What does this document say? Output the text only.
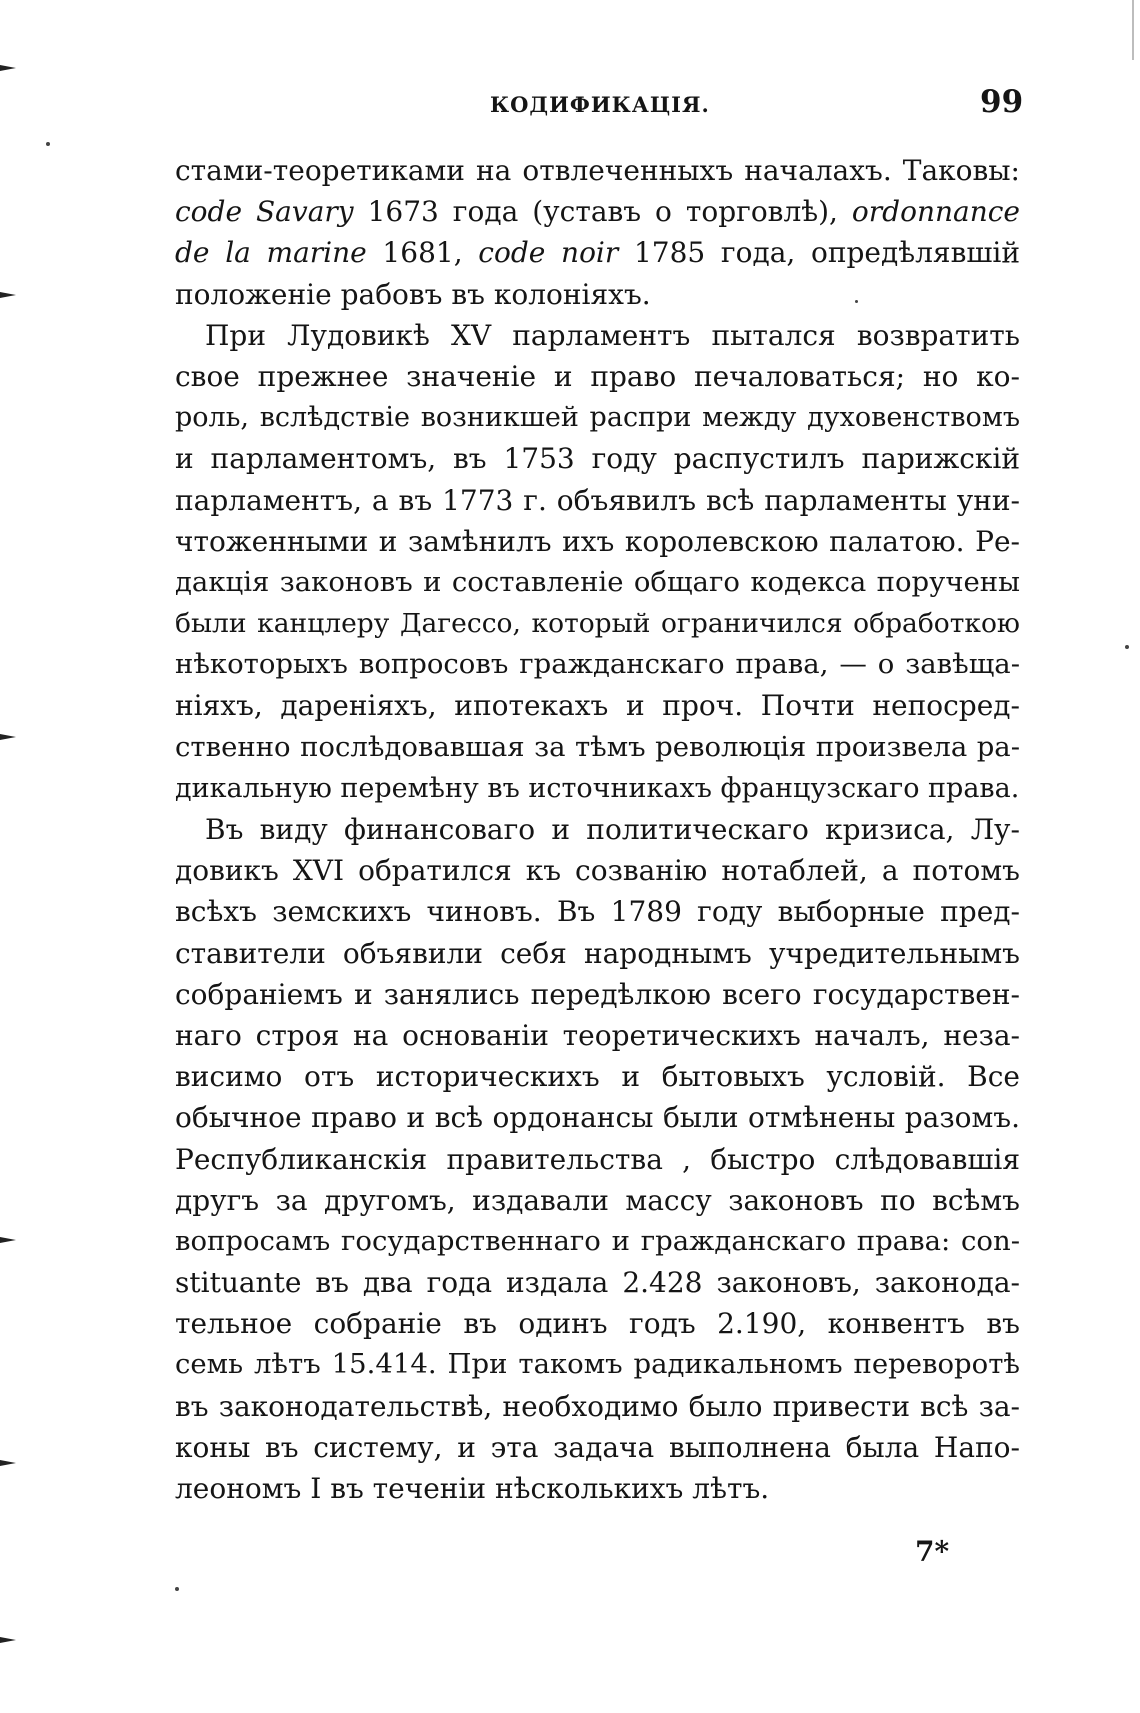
КОДИФИКАЦІЯ.	99
стами-теоретиками на отвлеченныхъ началахъ. Таковы:
code Savary 1673 года (уставъ о торговлѣ), ordonnance
de la marine 1681, code noir 1785 года, опредѣлявшій
положеніе рабовъ въ колоніяхъ.
При Лудовикѣ XV парламентъ пытался возвратить
свое прежнее значеніе и право печаловаться; но ко-
роль, вслѣдствіе возникшей распри между духовенствомъ
и парламентомъ, въ 1753 году распустилъ парижскій
парламентъ, а въ 1773 г. объявилъ всѣ парламенты уни-
чтоженными и замѣнилъ ихъ королевскою палатою. Ре-
дакція законовъ и составленіе общаго кодекса поручены
были канцлеру Дагессо, который ограничился обработкою
нѣкоторыхъ вопросовъ гражданскаго права, — о завѣща-
ніяхъ, дареніяхъ, ипотекахъ и проч. Почти непосред-
ственно послѣдовавшая за тѣмъ революція произвела ра-
дикальную перемѣну въ источникахъ французскаго права.
Въ виду финансоваго и политическаго кризиса, Лу-
довикъ XVI обратился къ созванію нотаблей, а потомъ
всѣхъ земскихъ чиновъ. Въ 1789 году выборные пред-
ставители объявили себя народнымъ учредительнымъ
собраніемъ и занялись передѣлкою всего государствен-
наго строя на основаніи теоретическихъ началъ, неза-
висимо отъ историческихъ и бытовыхъ условій. Все
обычное право и всѣ ордонансы были отмѣнены разомъ.
Республиканскія правительства , быстро слѣдовавшія
другъ за другомъ, издавали массу законовъ по всѣмъ
вопросамъ государственнаго и гражданскаго права: con-
stituante въ два года издала 2.428 законовъ, законода-
тельное собраніе въ одинъ годъ 2.190, конвентъ въ
семь лѣтъ 15.414. При такомъ радикальномъ переворотѣ
въ законодательствѣ, необходимо было привести всѣ за-
коны въ систему, и эта задача выполнена была Напо-
леономъ I въ теченіи нѣсколькихъ лѣтъ.
7*
